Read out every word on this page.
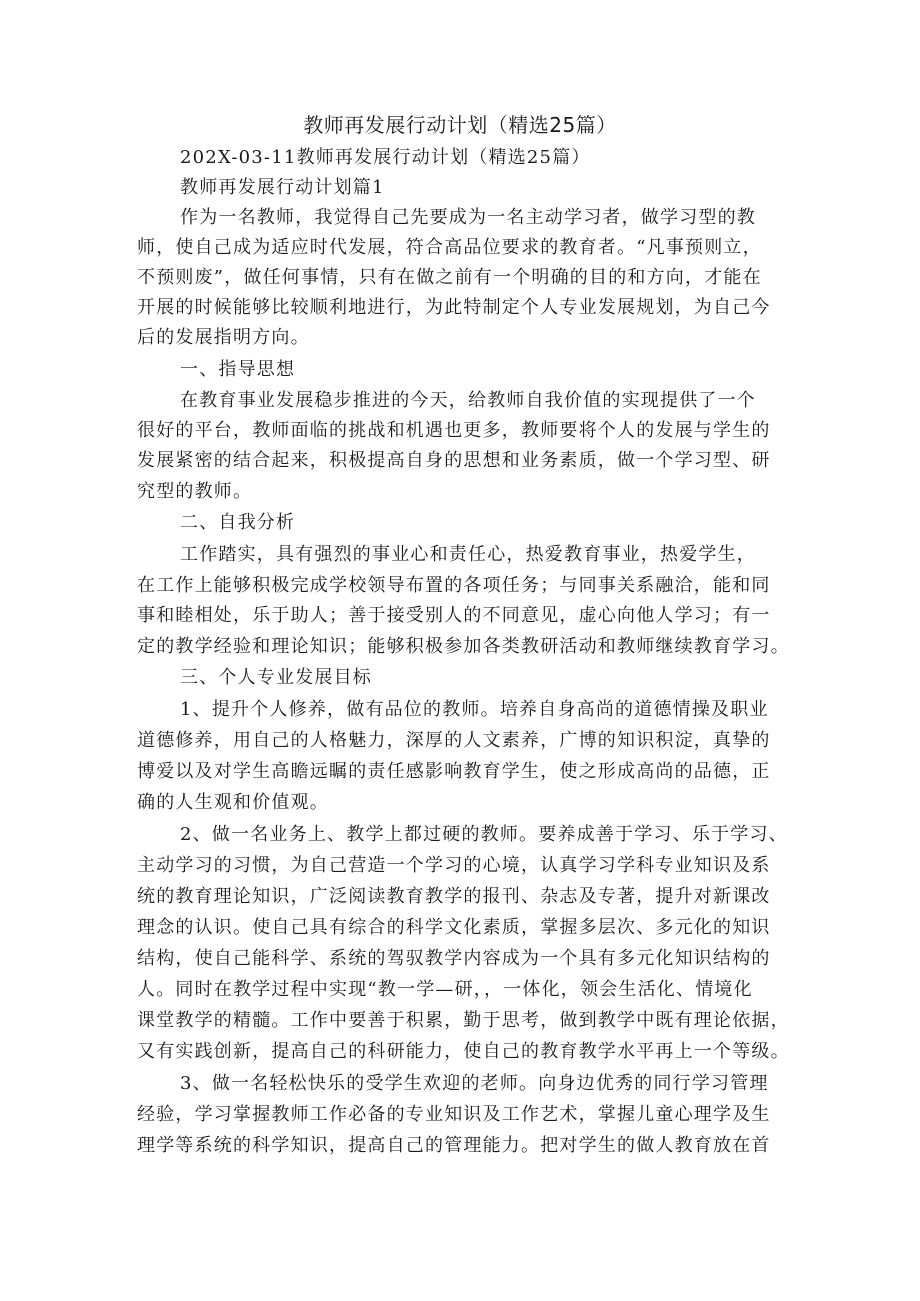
教师再发展行动计划（精选25篇）
202X-03-11教师再发展行动计划（精选25篇）
教师再发展行动计划篇1
作为一名教师，我觉得自己先要成为一名主动学习者，做学习型的教
师，使自己成为适应时代发展，符合高品位要求的教育者。“凡事预则立，
不预则废”，做任何事情，只有在做之前有一个明确的目的和方向，才能在
开展的时候能够比较顺利地进行，为此特制定个人专业发展规划，为自己今
后的发展指明方向。
一、指导思想
在教育事业发展稳步推进的今天，给教师自我价值的实现提供了一个
很好的平台，教师面临的挑战和机遇也更多，教师要将个人的发展与学生的
发展紧密的结合起来，积极提高自身的思想和业务素质，做一个学习型、研
究型的教师。
二、自我分析
工作踏实，具有强烈的事业心和责任心，热爱教育事业，热爱学生，
在工作上能够积极完成学校领导布置的各项任务；与同事关系融洽，能和同
事和睦相处，乐于助人；善于接受别人的不同意见，虚心向他人学习；有一
定的教学经验和理论知识；能够积极参加各类教研活动和教师继续教育学习。
三、个人专业发展目标
1、提升个人修养，做有品位的教师。培养自身高尚的道德情操及职业
道德修养，用自己的人格魅力，深厚的人文素养，广博的知识积淀，真挚的
博爱以及对学生高瞻远瞩的责任感影响教育学生，使之形成高尚的品德，正
确的人生观和价值观。
2、做一名业务上、教学上都过硬的教师。要养成善于学习、乐于学习、
主动学习的习惯，为自己营造一个学习的心境，认真学习学科专业知识及系
统的教育理论知识，广泛阅读教育教学的报刊、杂志及专著，提升对新课改
理念的认识。使自己具有综合的科学文化素质，掌握多层次、多元化的知识
结构，使自己能科学、系统的驾驭教学内容成为一个具有多元化知识结构的
人。同时在教学过程中实现“教一学—研，，一体化，领会生活化、情境化
课堂教学的精髓。工作中要善于积累，勤于思考，做到教学中既有理论依据，
又有实践创新，提高自己的科研能力，使自己的教育教学水平再上一个等级。
3、做一名轻松快乐的受学生欢迎的老师。向身边优秀的同行学习管理
经验，学习掌握教师工作必备的专业知识及工作艺术，掌握儿童心理学及生
理学等系统的科学知识，提高自己的管理能力。把对学生的做人教育放在首
